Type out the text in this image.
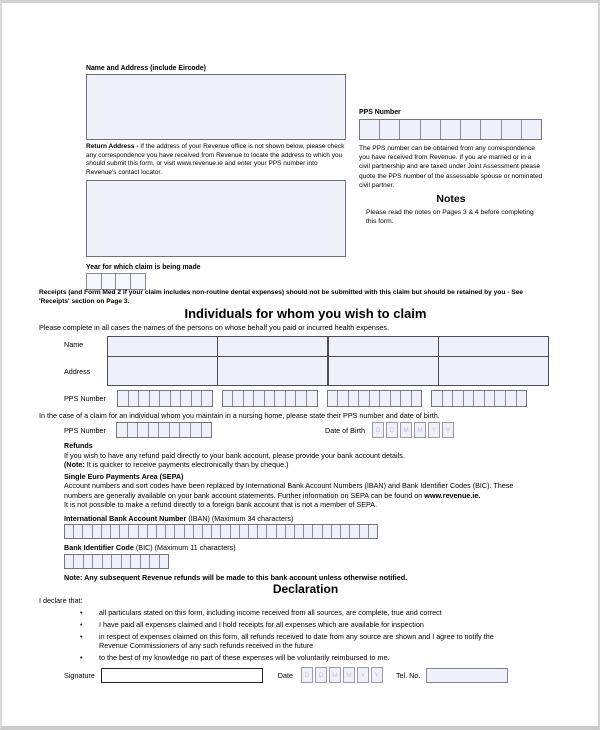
Name and Address (include Eircode)
Return Address - If the address of your Revenue office is not shown below, please check any correspondence you have received from Revenue to locate the address to which you should submit this form, or visit www.revenue.ie and enter your PPS number into Revenue's contact locator.
Year for which claim is being made
PPS Number
The PPS number can be obtained from any correspondence you have received from Revenue. If you are married or in a civil partnership and are taxed under Joint Assessment please quote the PPS number of the assessable spouse or nominated civil partner.
Notes
Please read the notes on Pages 3 & 4 before completing this form.
Receipts (and Form Med 2 if your claim includes non-routine dental expenses) should not be submitted with this claim but should be retained by you - See 'Receipts' section on Page 3.
Individuals for whom you wish to claim
Please complete in all cases the names of the persons on whose behalf you paid or incurred health expenses.
Name
Address
PPS Number
In the case of a claim for an individual whom you maintain in a nursing home, please state their PPS number and date of birth.
PPS Number	Date of Birth	D	D	M	M	Y	Y
Refunds
If you wish to have any refund paid directly to your bank account, please provide your bank account details.
(Note: It is quicker to receive payments electronically than by cheque.)
Single Euro Payments Area (SEPA)
Account numbers and sort codes have been replaced by International Bank Account Numbers (IBAN) and Bank Identifier Codes (BIC). These numbers are generally available on your bank account statements. Further information on SEPA can be found on www.revenue.ie.
It is not possible to make a refund directly to a foreign bank account that is not a member of SEPA.
International Bank Account Number (IBAN) (Maximum 34 characters)
Bank Identifier Code (BIC) (Maximum 11 characters)
Note: Any subsequent Revenue refunds will be made to this bank account unless otherwise notified.
Declaration
I declare that:
• all particulars stated on this form, including income received from all sources, are complete, true and correct
• I have paid all expenses claimed and I hold receipts for all expenses which are available for inspection
• in respect of expenses claimed on this form, all refunds received to date from any source are shown and I agree to notify the Revenue Commissioners of any such refunds received in the future
• to the best of my knowledge no part of these expenses will be voluntarily reimbursed to me.
Signature	Date	D	D	M	M	Y	Y	Tel. No.
